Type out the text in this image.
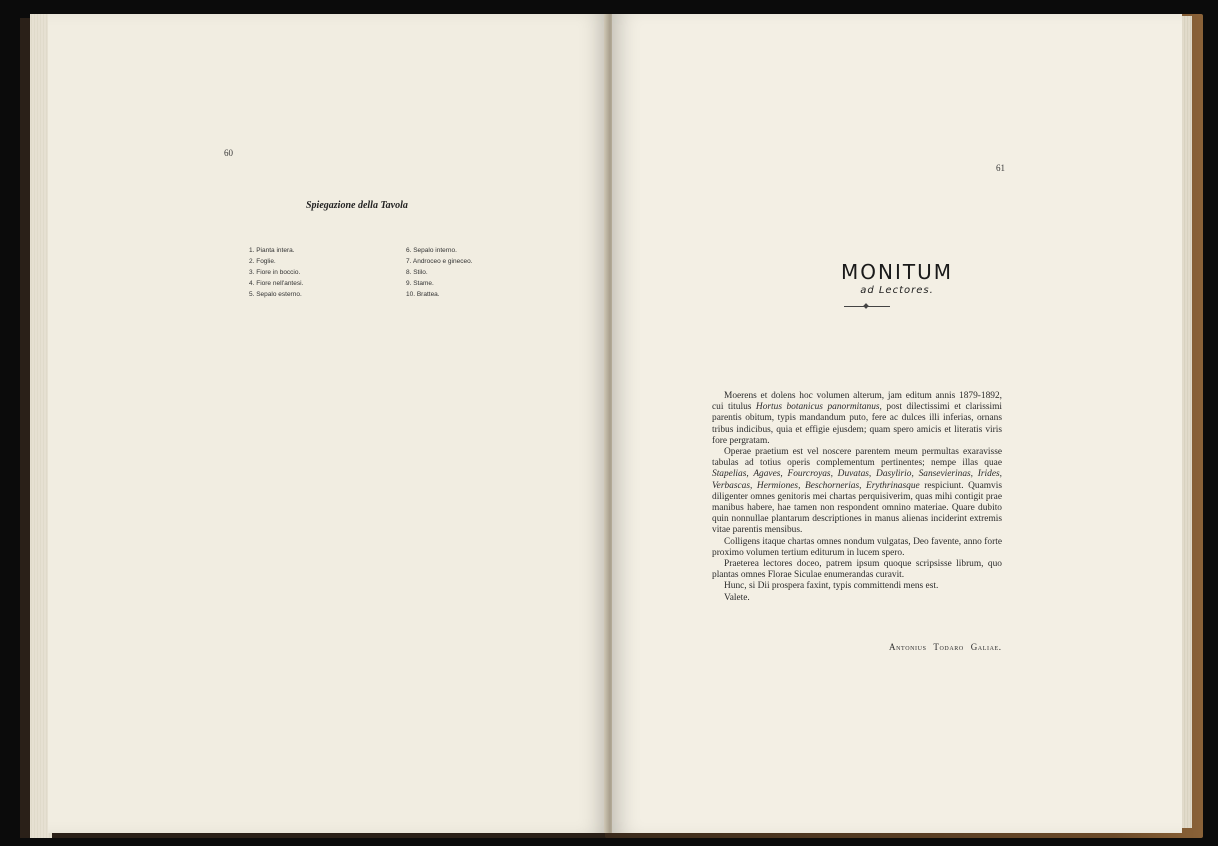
60
Spiegazione della Tavola
1. Pianta intera.
2. Foglie.
3. Fiore in boccio.
4. Fiore nell'antesi.
5. Sepalo esterno.
6. Sepalo interno.
7. Androceo e gineceo.
8. Stilo.
9. Stame.
10. Brattea.
61
MONITUM
ad Lectores.

Moerens et dolens hoc volumen alterum, jam editum annis 1879-1892, cui titulus Hortus botanicus panormitanus, post dilectissimi et clarissimi parentis obitum, typis mandandum puto, fere ac dulces illi inferias, ornans tribus indicibus, quia et effigie ejusdem; quam spero amicis et literatis viris fore pergratam.

Operae praetium est vel noscere parentem meum permultas exaravisse tabulas ad totius operis complementum pertinentes; nempe illas quae Stapelias, Agaves, Fourcroyas, Duvatas, Dasylirio, Sansevierinas, Irides, Verbascas, Hermiones, Beschornerias, Erythrinasque respiciunt. Quamvis diligenter omnes genitoris mei chartas perquisiverim, quas mihi contigit prae manibus habere, hae tamen non respondent omnino materiae. Quare dubito quin nonnullae plantarum descriptiones in manus alienas inciderint extremis vitae parentis mensibus.

Colligens itaque chartas omnes nondum vulgatas, Deo favente, anno forte proximo volumen tertium editurum in lucem spero.

Praeterea lectores doceo, patrem ipsum quoque scripsisse librum, quo plantas omnes Florae Siculae enumerandas curavit.

Hunc, si Dii prospera faxint, typis committendi mens est.

Valete.

Antonius Todaro Galiae.
